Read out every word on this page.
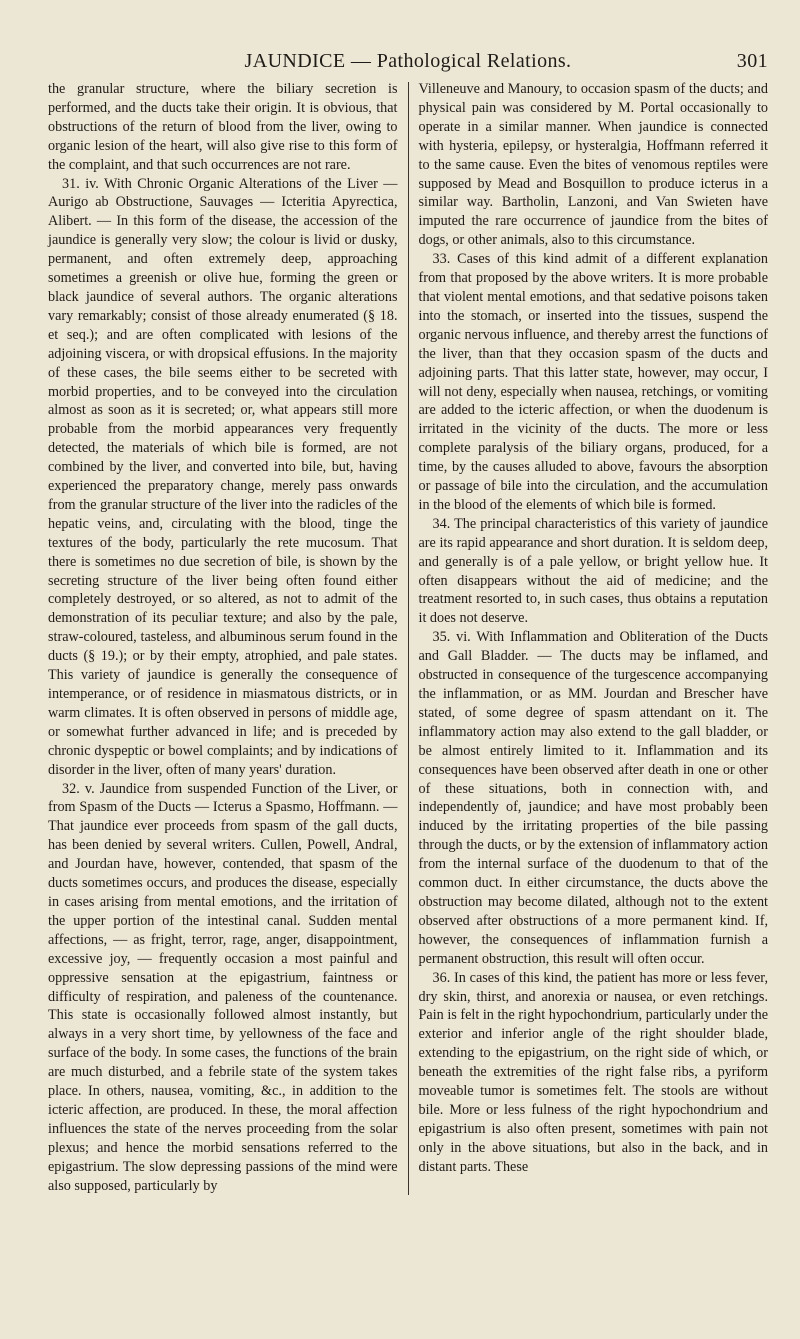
JAUNDICE — Pathological Relations.	301

the granular structure, where the biliary secretion is performed, and the ducts take their origin. It is obvious, that obstructions of the return of blood from the liver, owing to organic lesion of the heart, will also give rise to this form of the complaint, and that such occurrences are not rare.

31. iv. With Chronic Organic Alterations of the Liver — Aurigo ab Obstructione, Sauvages — Icteritia Apyrectica, Alibert. — In this form of the disease, the accession of the jaundice is generally very slow; the colour is livid or dusky, permanent, and often extremely deep, approaching sometimes a greenish or olive hue, forming the green or black jaundice of several authors. The organic alterations vary remarkably; consist of those already enumerated (§ 18. et seq.); and are often complicated with lesions of the adjoining viscera, or with dropsical effusions. In the majority of these cases, the bile seems either to be secreted with morbid properties, and to be conveyed into the circulation almost as soon as it is secreted; or, what appears still more probable from the morbid appearances very frequently detected, the materials of which bile is formed, are not combined by the liver, and converted into bile, but, having experienced the preparatory change, merely pass onwards from the granular structure of the liver into the radicles of the hepatic veins, and, circulating with the blood, tinge the textures of the body, particularly the rete mucosum. That there is sometimes no due secretion of bile, is shown by the secreting structure of the liver being often found either completely destroyed, or so altered, as not to admit of the demonstration of its peculiar texture; and also by the pale, straw-coloured, tasteless, and albuminous serum found in the ducts (§ 19.); or by their empty, atrophied, and pale states. This variety of jaundice is generally the consequence of intemperance, or of residence in miasmatous districts, or in warm climates. It is often observed in persons of middle age, or somewhat further advanced in life; and is preceded by chronic dyspeptic or bowel complaints; and by indications of disorder in the liver, often of many years' duration.

32. v. Jaundice from suspended Function of the Liver, or from Spasm of the Ducts — Icterus a Spasmo, Hoffmann. — That jaundice ever proceeds from spasm of the gall ducts, has been denied by several writers. Cullen, Powell, Andral, and Jourdan have, however, contended, that spasm of the ducts sometimes occurs, and produces the disease, especially in cases arising from mental emotions, and the irritation of the upper portion of the intestinal canal. Sudden mental affections, — as fright, terror, rage, anger, disappointment, excessive joy, — frequently occasion a most painful and oppressive sensation at the epigastrium, faintness or difficulty of respiration, and paleness of the countenance. This state is occasionally followed almost instantly, but always in a very short time, by yellowness of the face and surface of the body. In some cases, the functions of the brain are much disturbed, and a febrile state of the system takes place. In others, nausea, vomiting, &c., in addition to the icteric affection, are produced. In these, the moral affection influences the state of the nerves proceeding from the solar plexus; and hence the morbid sensations referred to the epigastrium. The slow depressing passions of the mind were also supposed, particularly by

Villeneuve and Manoury, to occasion spasm of the ducts; and physical pain was considered by M. Portal occasionally to operate in a similar manner. When jaundice is connected with hysteria, epilepsy, or hysteralgia, Hoffmann referred it to the same cause. Even the bites of venomous reptiles were supposed by Mead and Bosquillon to produce icterus in a similar way. Bartholin, Lanzoni, and Van Swieten have imputed the rare occurrence of jaundice from the bites of dogs, or other animals, also to this circumstance.

33. Cases of this kind admit of a different explanation from that proposed by the above writers. It is more probable that violent mental emotions, and that sedative poisons taken into the stomach, or inserted into the tissues, suspend the organic nervous influence, and thereby arrest the functions of the liver, than that they occasion spasm of the ducts and adjoining parts. That this latter state, however, may occur, I will not deny, especially when nausea, retchings, or vomiting are added to the icteric affection, or when the duodenum is irritated in the vicinity of the ducts. The more or less complete paralysis of the biliary organs, produced, for a time, by the causes alluded to above, favours the absorption or passage of bile into the circulation, and the accumulation in the blood of the elements of which bile is formed.

34. The principal characteristics of this variety of jaundice are its rapid appearance and short duration. It is seldom deep, and generally is of a pale yellow, or bright yellow hue. It often disappears without the aid of medicine; and the treatment resorted to, in such cases, thus obtains a reputation it does not deserve.

35. vi. With Inflammation and Obliteration of the Ducts and Gall Bladder. — The ducts may be inflamed, and obstructed in consequence of the turgescence accompanying the inflammation, or as MM. Jourdan and Brescher have stated, of some degree of spasm attendant on it. The inflammatory action may also extend to the gall bladder, or be almost entirely limited to it. Inflammation and its consequences have been observed after death in one or other of these situations, both in connection with, and independently of, jaundice; and have most probably been induced by the irritating properties of the bile passing through the ducts, or by the extension of inflammatory action from the internal surface of the duodenum to that of the common duct. In either circumstance, the ducts above the obstruction may become dilated, although not to the extent observed after obstructions of a more permanent kind. If, however, the consequences of inflammation furnish a permanent obstruction, this result will often occur.

36. In cases of this kind, the patient has more or less fever, dry skin, thirst, and anorexia or nausea, or even retchings. Pain is felt in the right hypochondrium, particularly under the exterior and inferior angle of the right shoulder blade, extending to the epigastrium, on the right side of which, or beneath the extremities of the right false ribs, a pyriform moveable tumor is sometimes felt. The stools are without bile. More or less fulness of the right hypochondrium and epigastrium is also often present, sometimes with pain not only in the above situations, but also in the back, and in distant parts. These
